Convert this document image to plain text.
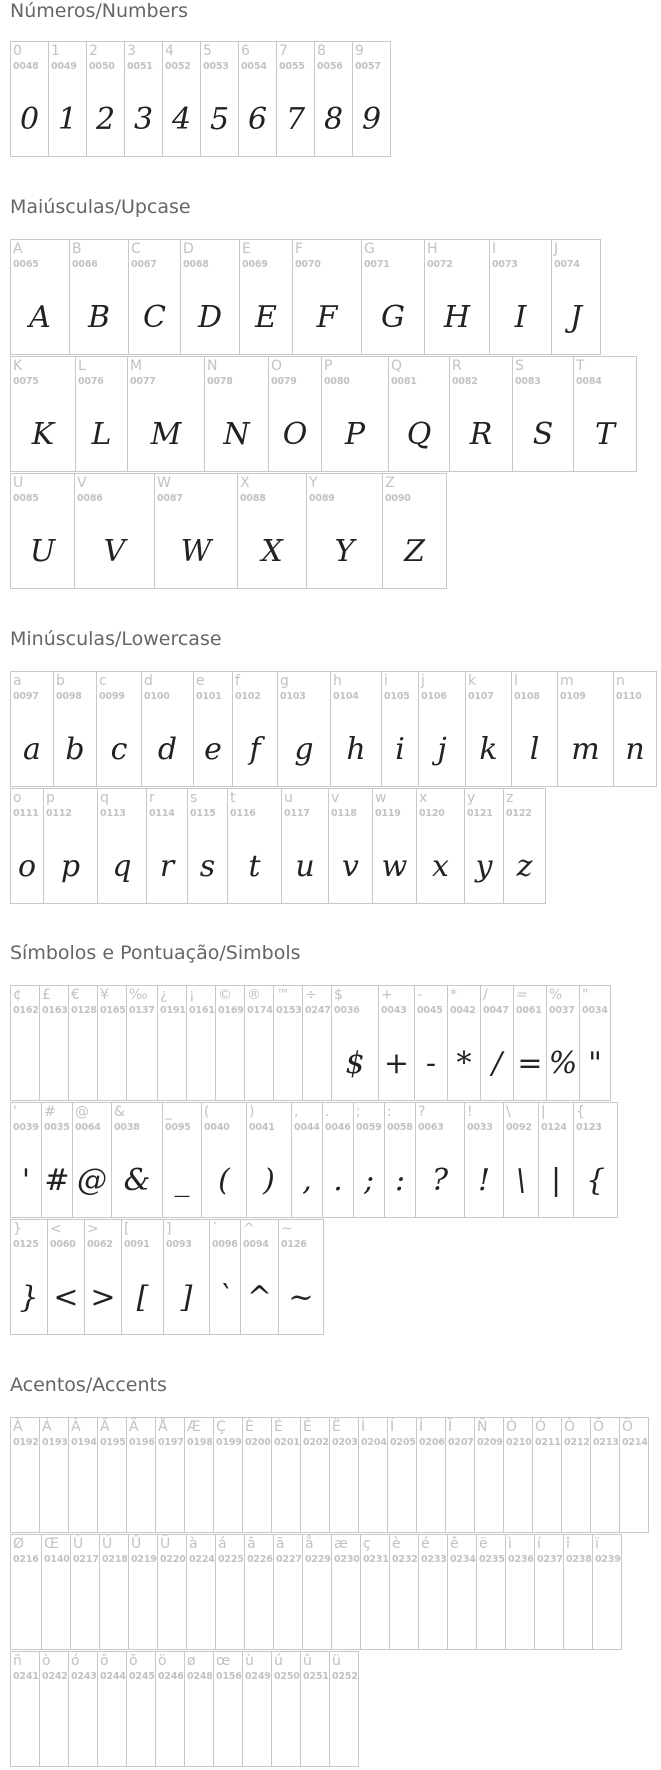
Números/Numbers
Maiúsculas/Upcase
Minúsculas/Lowercase
Símbolos e Pontuação/Simbols
Acentos/Accents
0
0048
0
1
0049
1
2
0050
2
3
0051
3
4
0052
4
5
0053
5
6
0054
6
7
0055
7
8
0056
8
9
0057
9
A
0065
A
B
0066
B
C
0067
C
D
0068
D
E
0069
E
F
0070
F
G
0071
G
H
0072
H
I
0073
I
J
0074
J
K
0075
K
L
0076
L
M
0077
M
N
0078
N
O
0079
O
P
0080
P
Q
0081
Q
R
0082
R
S
0083
S
T
0084
T
U
0085
U
V
0086
V
W
0087
W
X
0088
X
Y
0089
Y
Z
0090
Z
a
0097
a
b
0098
b
c
0099
c
d
0100
d
e
0101
e
f
0102
f
g
0103
g
h
0104
h
i
0105
i
j
0106
j
k
0107
k
l
0108
l
m
0109
m
n
0110
n
o
0111
o
p
0112
p
q
0113
q
r
0114
r
s
0115
s
t
0116
t
u
0117
u
v
0118
v
w
0119
w
x
0120
x
y
0121
y
z
0122
z
¢
0162
£
0163
€
0128
¥
0165
‰
0137
¿
0191
¡
0161
©
0169
®
0174
™
0153
÷
0247
$
0036
$
+
0043
+
-
0045
-
*
0042
*
/
0047
/
=
0061
=
%
0037
%
"
0034
"
'
0039
'
#
0035
#
@
0064
@
&
0038
&
_
0095
_
(
0040
(
)
0041
)
,
0044
,
.
0046
.
;
0059
;
:
0058
:
?
0063
?
!
0033
!
\
0092
\
|
0124
|
{
0123
{
}
0125
}
<
0060
<
>
0062
>
[
0091
[
]
0093
]
`
0096
`
^
0094
^
~
0126
~
À
0192
Á
0193
Â
0194
Ã
0195
Ä
0196
Å
0197
Æ
0198
Ç
0199
È
0200
É
0201
Ê
0202
Ë
0203
Ì
0204
Í
0205
Î
0206
Ï
0207
Ñ
0209
Ò
0210
Ó
0211
Ô
0212
Õ
0213
Ö
0214
Ø
0216
Œ
0140
Ù
0217
Ú
0218
Û
0219
Ü
0220
à
0224
á
0225
â
0226
ã
0227
å
0229
æ
0230
ç
0231
è
0232
é
0233
ê
0234
ë
0235
ì
0236
í
0237
î
0238
ï
0239
ñ
0241
ò
0242
ó
0243
ô
0244
õ
0245
ö
0246
ø
0248
œ
0156
ù
0249
ú
0250
û
0251
ü
0252
